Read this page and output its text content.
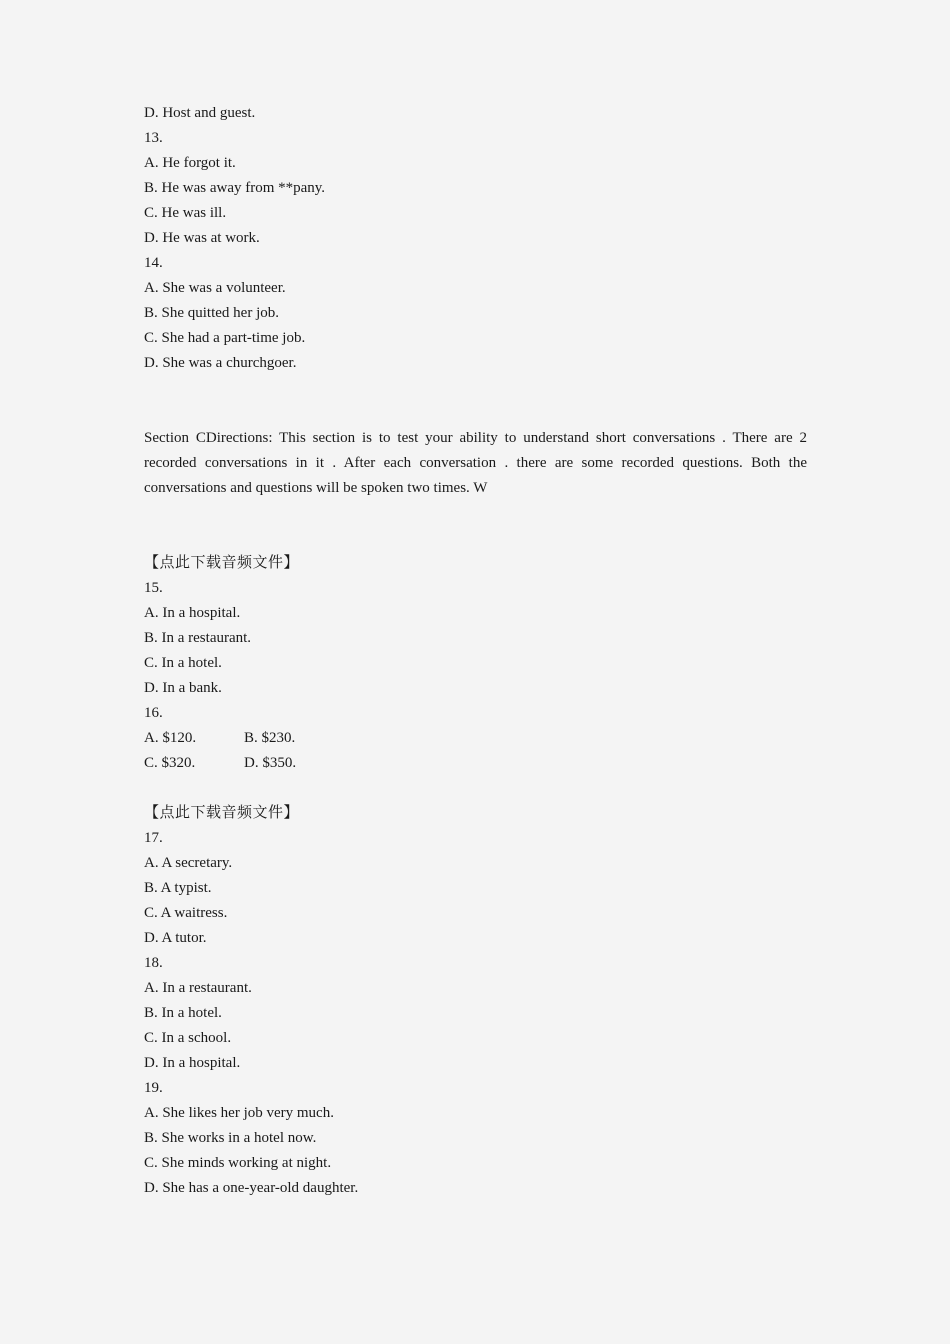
D. Host and guest.
13.
A. He forgot it.
B. He was away from **pany.
C. He was ill.
D. He was at work.
14.
A. She was a volunteer.
B. She quitted her job.
C. She had a part-time job.
D. She was a churchgoer.
Section CDirections: This section is to test your ability to understand short conversations . There are 2 recorded conversations in it . After each conversation . there are some recorded questions. Both the conversations and questions will be spoken two times. W
【点此下载音频文件】
15.
A. In a hospital.
B. In a restaurant.
C. In a hotel.
D. In a bank.
16.
A. $120.	B. $230.
C. $320.	D. $350.
【点此下载音频文件】
17.
A. A secretary.
B. A typist.
C. A waitress.
D. A tutor.
18.
A. In a restaurant.
B. In a hotel.
C. In a school.
D. In a hospital.
19.
A. She likes her job very much.
B. She works in a hotel now.
C. She minds working at night.
D. She has a one-year-old daughter.
